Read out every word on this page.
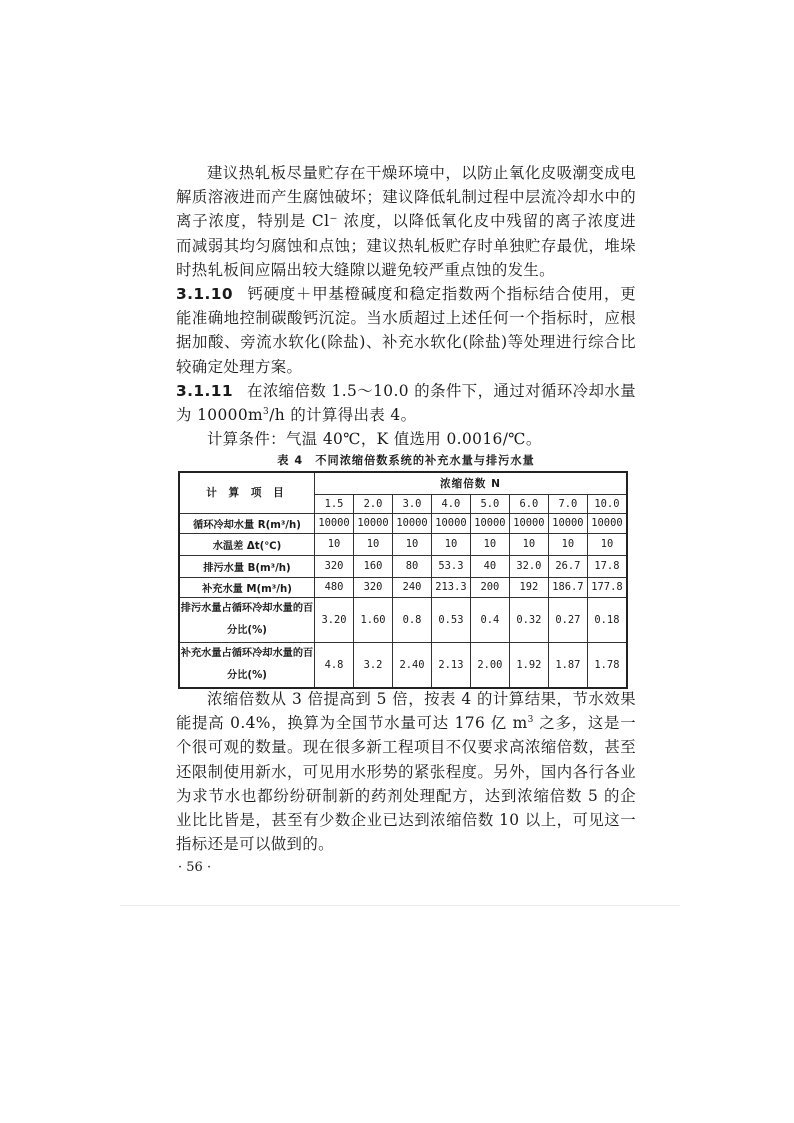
建议热轧板尽量贮存在干燥环境中，以防止氧化皮吸潮变成电解质溶液进而产生腐蚀破坏；建议降低轧制过程中层流冷却水中的离子浓度，特别是 Cl⁻ 浓度，以降低氧化皮中残留的离子浓度进而减弱其均匀腐蚀和点蚀；建议热轧板贮存时单独贮存最优，堆垛时热轧板间应隔出较大缝隙以避免较严重点蚀的发生。

3.1.10 钙硬度＋甲基橙碱度和稳定指数两个指标结合使用，更能准确地控制碳酸钙沉淀。当水质超过上述任何一个指标时，应根据加酸、旁流水软化(除盐)、补充水软化(除盐)等处理进行综合比较确定处理方案。

3.1.11 在浓缩倍数 1.5～10.0 的条件下，通过对循环冷却水量为 $10000m^3/h$ 的计算得出表 4。

计算条件：气温 40℃，K 值选用 0.0016/℃。

表 4　不同浓缩倍数系统的补充水量与排污水量
计 算 项 目	浓缩倍数 N							
	1.5	2.0	3.0	4.0	5.0	6.0	7.0	10.0
循环冷却水量 R(m³/h)	10000	10000	10000	10000	10000	10000	10000	10000
水温差 Δt(℃)	10	10	10	10	10	10	10	10
排污水量 B(m³/h)	320	160	80	53.3	40	32.0	26.7	17.8
补充水量 M(m³/h)	480	320	240	213.3	200	192	186.7	177.8
排污水量占循环冷却水量的百分比(%)	3.20	1.60	0.8	0.53	0.4	0.32	0.27	0.18
补充水量占循环冷却水量的百分比(%)	4.8	3.2	2.40	2.13	2.00	1.92	1.87	1.78

浓缩倍数从 3 倍提高到 5 倍，按表 4 的计算结果，节水效果能提高 0.4%，换算为全国节水量可达 176 亿 $m^3$ 之多，这是一个很可观的数量。现在很多新工程项目不仅要求高浓缩倍数，甚至还限制使用新水，可见用水形势的紧张程度。另外，国内各行各业为求节水也都纷纷研制新的药剂处理配方，达到浓缩倍数 5 的企业比比皆是，甚至有少数企业已达到浓缩倍数 10 以上，可见这一指标还是可以做到的。

· 56 ·
